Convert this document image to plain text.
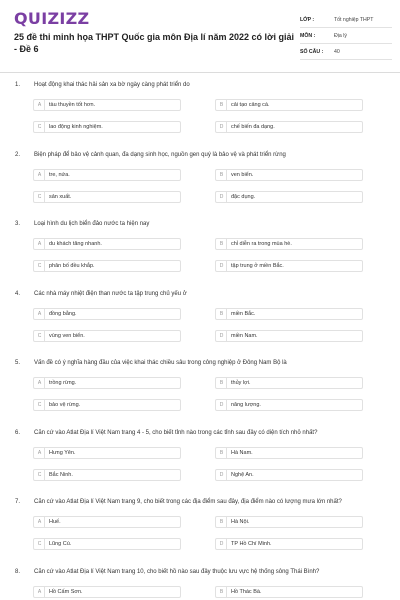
QUIZIZZ
25 đề thi minh họa THPT Quốc gia môn Địa lí năm 2022 có lời giải - Đề 6
LỚP :	Tốt nghiệp THPT
MÔN :	Địa lý
SỐ CÂU :	40
1. Hoạt động khai thác hải sản xa bờ ngày càng phát triển do
A	tàu thuyền tốt hơn.	B	cải tạo cảng cá.
C	lao động kinh nghiệm.	D	chế biến đa dạng.
2. Biện pháp để bảo vệ cảnh quan, đa dạng sinh học, nguồn gen quý là bảo vệ và phát triển rừng
A	tre, nứa.	B	ven biển.
C	sản xuất.	D	đặc dụng.
3. Loại hình du lịch biển đảo nước ta hiện nay
A	du khách tăng nhanh.	B	chỉ diễn ra trong mùa hè.
C	phân bố đều khắp.	D	tập trung ở miền Bắc.
4. Các nhà máy nhiệt điện than nước ta tập trung chủ yếu ở
A	đồng bằng.	B	miền Bắc.
C	vùng ven biển.	D	miền Nam.
5. Vấn đề có ý nghĩa hàng đầu của việc khai thác chiều sâu trong công nghiệp ở Đông Nam Bộ là
A	trồng rừng.	B	thủy lợi.
C	bảo vệ rừng.	D	năng lượng.
6. Căn cứ vào Atlat Địa lí Việt Nam trang 4 - 5, cho biết tỉnh nào trong các tỉnh sau đây có diện tích nhỏ nhất?
A	Hưng Yên.	B	Hà Nam.
C	Bắc Ninh.	D	Nghệ An.
7. Căn cứ vào Atlat Địa lí Việt Nam trang 9, cho biết trong các địa điểm sau đây, địa điểm nào có lượng mưa lớn nhất?
A	Huế.	B	Hà Nội.
C	Lũng Cú.	D	TP Hồ Chí Minh.
8. Căn cứ vào Atlat Địa lí Việt Nam trang 10, cho biết hồ nào sau đây thuộc lưu vực hệ thống sông Thái Bình?
A	Hồ Cấm Sơn.	B	Hồ Thác Bà.
